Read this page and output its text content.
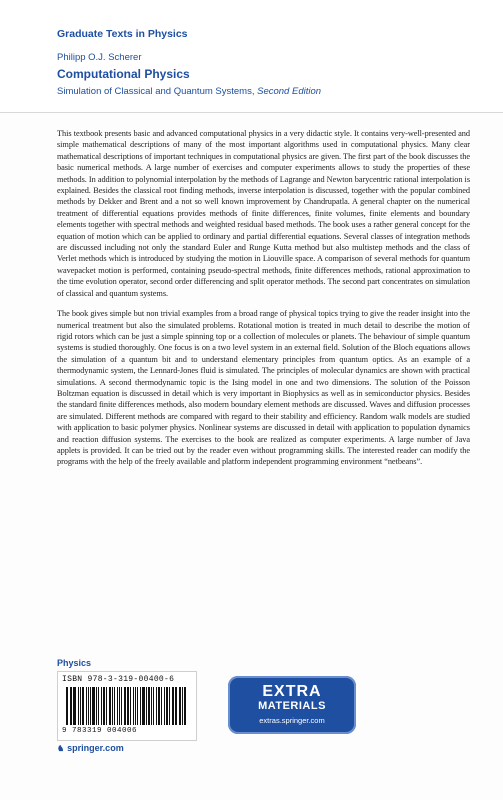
Graduate Texts in Physics
Philipp O.J. Scherer
Computational Physics
Simulation of Classical and Quantum Systems, Second Edition

This textbook presents basic and advanced computational physics in a very didactic style. It contains very-well-presented and simple mathematical descriptions of many of the most important algorithms used in computational physics. Many clear mathematical descriptions of important techniques in computational physics are given. The first part of the book discusses the basic numerical methods. A large number of exercises and computer experiments allows to study the properties of these methods. In addition to polynomial interpolation by the methods of Lagrange and Newton barycentric rational interpolation is explained. Besides the classical root finding methods, inverse interpolation is discussed, together with the popular combined methods by Dekker and Brent and a not so well known improvement by Chandrupatla. A general chapter on the numerical treatment of differential equations provides methods of finite differences, finite volumes, finite elements and boundary elements together with spectral methods and weighted residual based methods. The book uses a rather general concept for the equation of motion which can be applied to ordinary and partial differential equations. Several classes of integration methods are discussed including not only the standard Euler and Runge Kutta method but also multistep methods and the class of Verlet methods which is introduced by studying the motion in Liouville space. A comparison of several methods for quantum wavepacket motion is performed, containing pseudo-spectral methods, finite differences methods, rational approximation to the time evolution operator, second order differencing and split operator methods. The second part concentrates on simulation of classical and quantum systems.

The book gives simple but non trivial examples from a broad range of physical topics trying to give the reader insight into the numerical treatment but also the simulated problems. Rotational motion is treated in much detail to describe the motion of rigid rotors which can be just a simple spinning top or a collection of molecules or planets. The behaviour of simple quantum systems is studied thoroughly. One focus is on a two level system in an external field. Solution of the Bloch equations allows the simulation of a quantum bit and to understand elementary principles from quantum optics. As an example of a thermodynamic system, the Lennard-Jones fluid is simulated. The principles of molecular dynamics are shown with practical simulations. A second thermodynamic topic is the Ising model in one and two dimensions. The solution of the Poisson Boltzman equation is discussed in detail which is very important in Biophysics as well as in semiconductor physics. Besides the standard finite differences methods, also modern boundary element methods are discussed. Waves and diffusion processes are simulated. Different methods are compared with regard to their stability and efficiency. Random walk models are studied with application to basic polymer physics. Nonlinear systems are discussed in detail with application to population dynamics and reaction diffusion systems. The exercises to the book are realized as computer experiments. A large number of Java applets is provided. It can be tried out by the reader even without programming skills. The interested reader can modify the programs with the help of the freely available and platform independent programming environment “netbeans”.

Physics
ISBN 978-3-319-00400-6
9 783319 004006
♞ springer.com
EXTRA
MATERIALS
extras.springer.com
